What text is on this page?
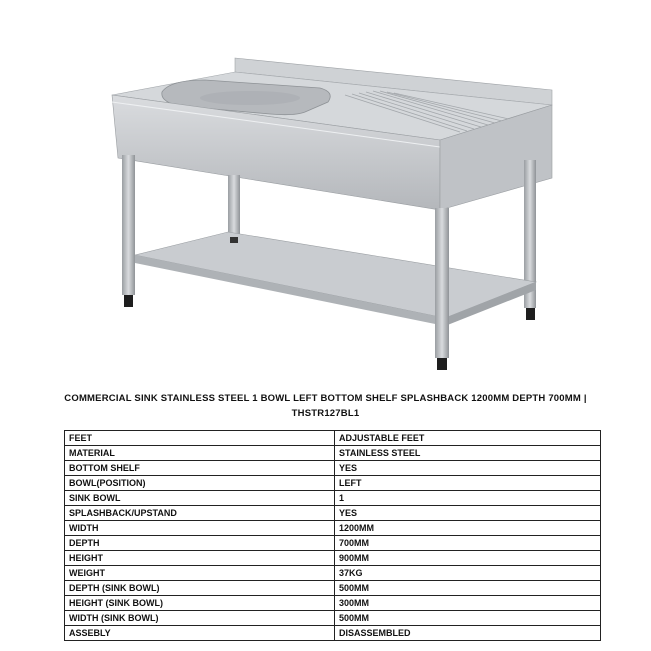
COMMERCIAL SINK STAINLESS STEEL 1 BOWL LEFT BOTTOM SHELF SPLASHBACK 1200MM DEPTH 700MM | THSTR127BL1
FEET	ADJUSTABLE FEET
MATERIAL	STAINLESS STEEL
BOTTOM SHELF	YES
BOWL(POSITION)	LEFT
SINK BOWL	1
SPLASHBACK/UPSTAND	YES
WIDTH	1200MM
DEPTH	700MM
HEIGHT	900MM
WEIGHT	37KG
DEPTH (SINK BOWL)	500MM
HEIGHT (SINK BOWL)	300MM
WIDTH (SINK BOWL)	500MM
ASSEBLY	DISASSEMBLED
